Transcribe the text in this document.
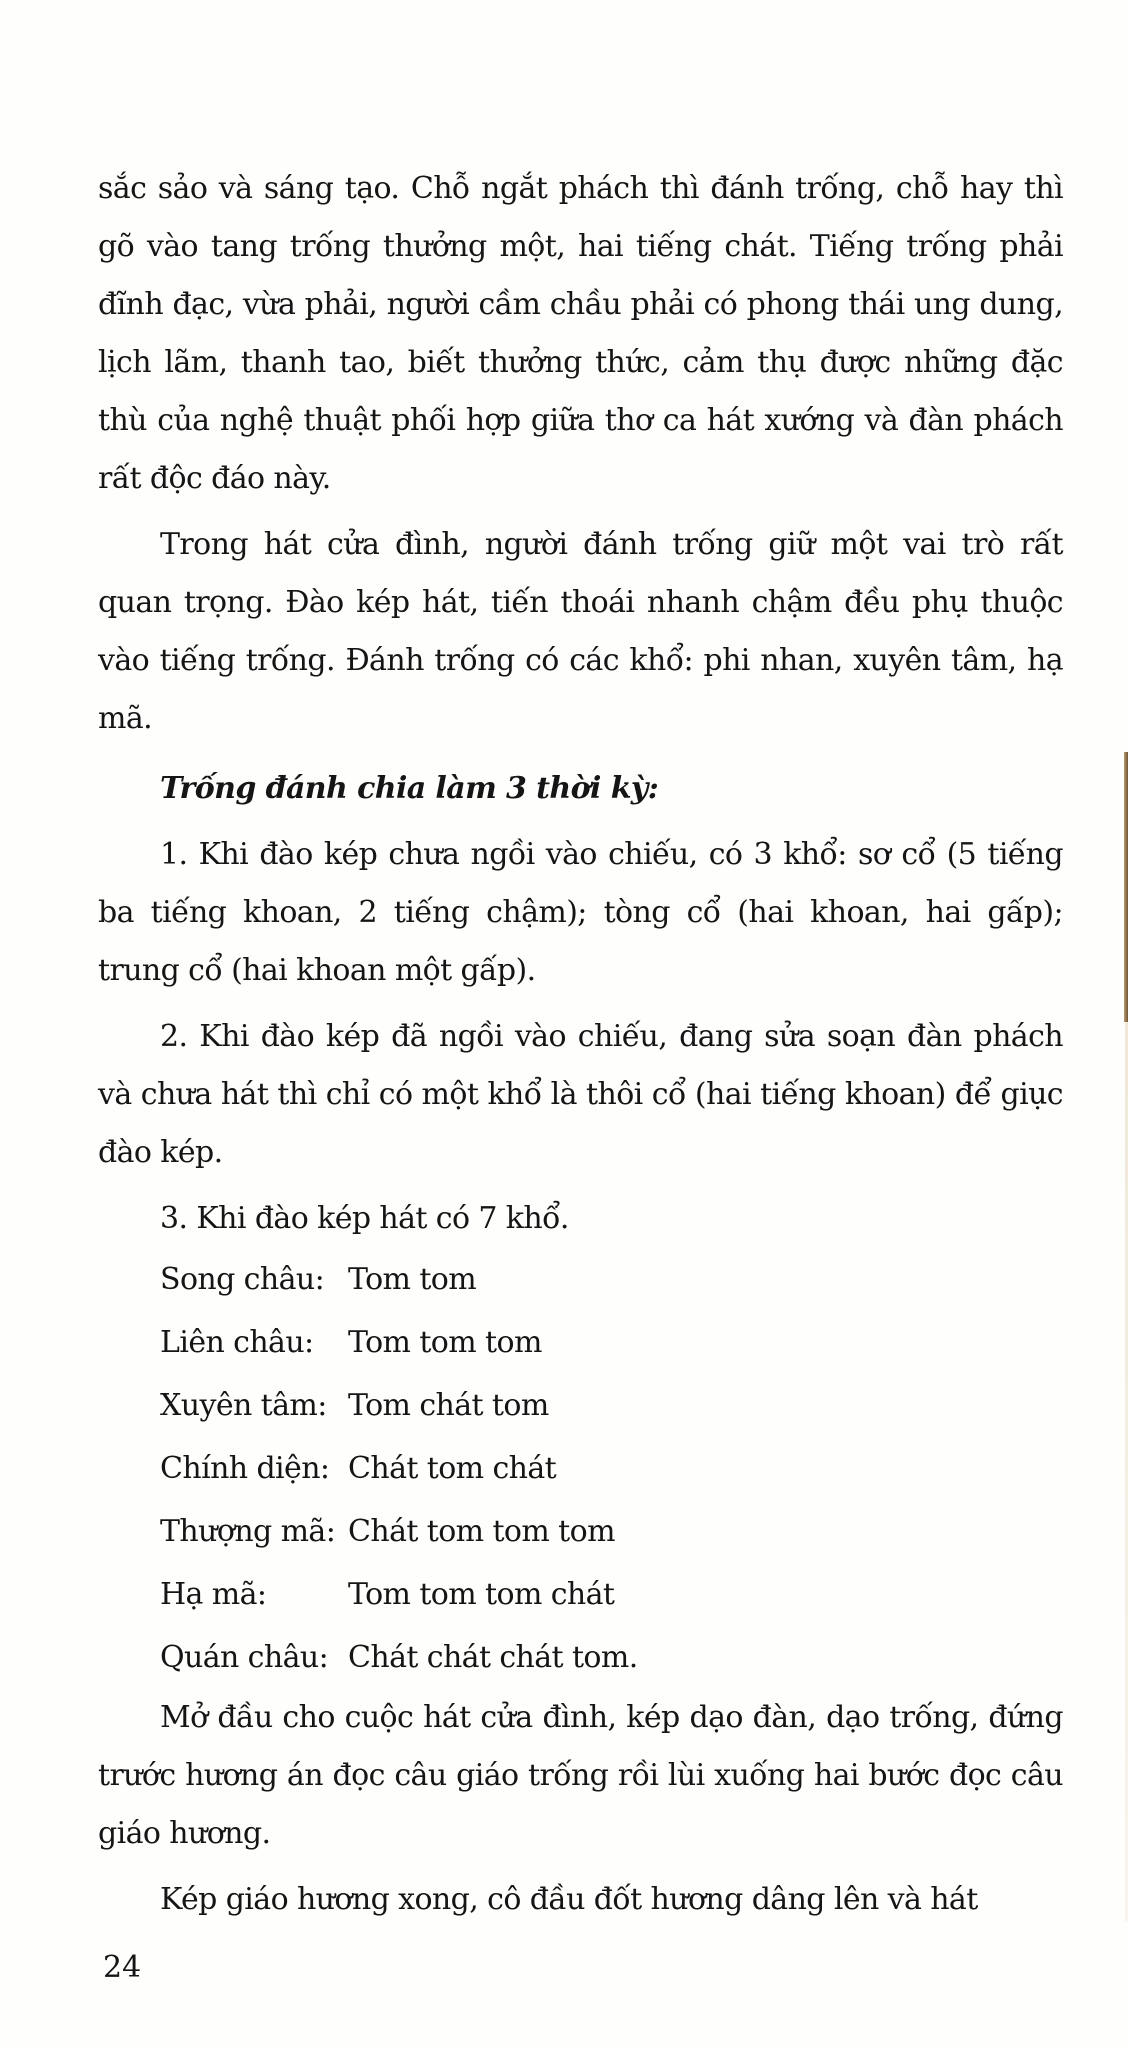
sắc sảo và sáng tạo. Chỗ ngắt phách thì đánh trống, chỗ hay thì gõ vào tang trống thưởng một, hai tiếng chát. Tiếng trống phải đĩnh đạc, vừa phải, người cầm chầu phải có phong thái ung dung, lịch lãm, thanh tao, biết thưởng thức, cảm thụ được những đặc thù của nghệ thuật phối hợp giữa thơ ca hát xướng và đàn phách rất độc đáo này.

Trong hát cửa đình, người đánh trống giữ một vai trò rất quan trọng. Đào kép hát, tiến thoái nhanh chậm đều phụ thuộc vào tiếng trống. Đánh trống có các khổ: phi nhan, xuyên tâm, hạ mã.

Trống đánh chia làm 3 thời kỳ:

1. Khi đào kép chưa ngồi vào chiếu, có 3 khổ: sơ cổ (5 tiếng ba tiếng khoan, 2 tiếng chậm); tòng cổ (hai khoan, hai gấp); trung cổ (hai khoan một gấp).

2. Khi đào kép đã ngồi vào chiếu, đang sửa soạn đàn phách và chưa hát thì chỉ có một khổ là thôi cổ (hai tiếng khoan) để giục đào kép.

3. Khi đào kép hát có 7 khổ.

Song châu: Tom tom
Liên châu:	Tom tom tom
Xuyên tâm: Tom chát tom
Chính diện: Chát tom chát
Thượng mã: Chát tom tom tom
Hạ mã:	Tom tom tom chát
Quán châu: Chát chát chát tom.

Mở đầu cho cuộc hát cửa đình, kép dạo đàn, dạo trống, đứng trước hương án đọc câu giáo trống rồi lùi xuống hai bước đọc câu giáo hương.

Kép giáo hương xong, cô đầu đốt hương dâng lên và hát

24
